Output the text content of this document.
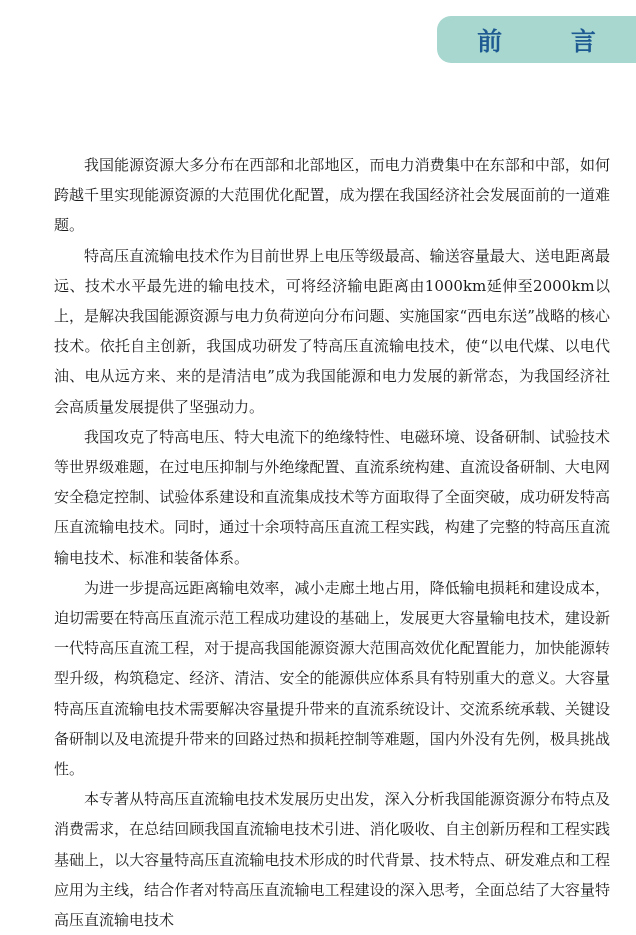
前 言

我国能源资源大多分布在西部和北部地区，而电力消费集中在东部和中部，如何跨越千里实现能源资源的大范围优化配置，成为摆在我国经济社会发展面前的一道难题。

特高压直流输电技术作为目前世界上电压等级最高、输送容量最大、送电距离最远、技术水平最先进的输电技术，可将经济输电距离由1000km延伸至2000km以上，是解决我国能源资源与电力负荷逆向分布问题、实施国家“西电东送”战略的核心技术。依托自主创新，我国成功研发了特高压直流输电技术，使“以电代煤、以电代油、电从远方来、来的是清洁电”成为我国能源和电力发展的新常态，为我国经济社会高质量发展提供了坚强动力。

我国攻克了特高电压、特大电流下的绝缘特性、电磁环境、设备研制、试验技术等世界级难题，在过电压抑制与外绝缘配置、直流系统构建、直流设备研制、大电网安全稳定控制、试验体系建设和直流集成技术等方面取得了全面突破，成功研发特高压直流输电技术。同时，通过十余项特高压直流工程实践，构建了完整的特高压直流输电技术、标准和装备体系。

为进一步提高远距离输电效率，减小走廊土地占用，降低输电损耗和建设成本，迫切需要在特高压直流示范工程成功建设的基础上，发展更大容量输电技术，建设新一代特高压直流工程，对于提高我国能源资源大范围高效优化配置能力，加快能源转型升级，构筑稳定、经济、清洁、安全的能源供应体系具有特别重大的意义。大容量特高压直流输电技术需要解决容量提升带来的直流系统设计、交流系统承载、关键设备研制以及电流提升带来的回路过热和损耗控制等难题，国内外没有先例，极具挑战性。

本专著从特高压直流输电技术发展历史出发，深入分析我国能源资源分布特点及消费需求，在总结回顾我国直流输电技术引进、消化吸收、自主创新历程和工程实践基础上，以大容量特高压直流输电技术形成的时代背景、技术特点、研发难点和工程应用为主线，结合作者对特高压直流输电工程建设的深入思考，全面总结了大容量特高压直流输电技术
